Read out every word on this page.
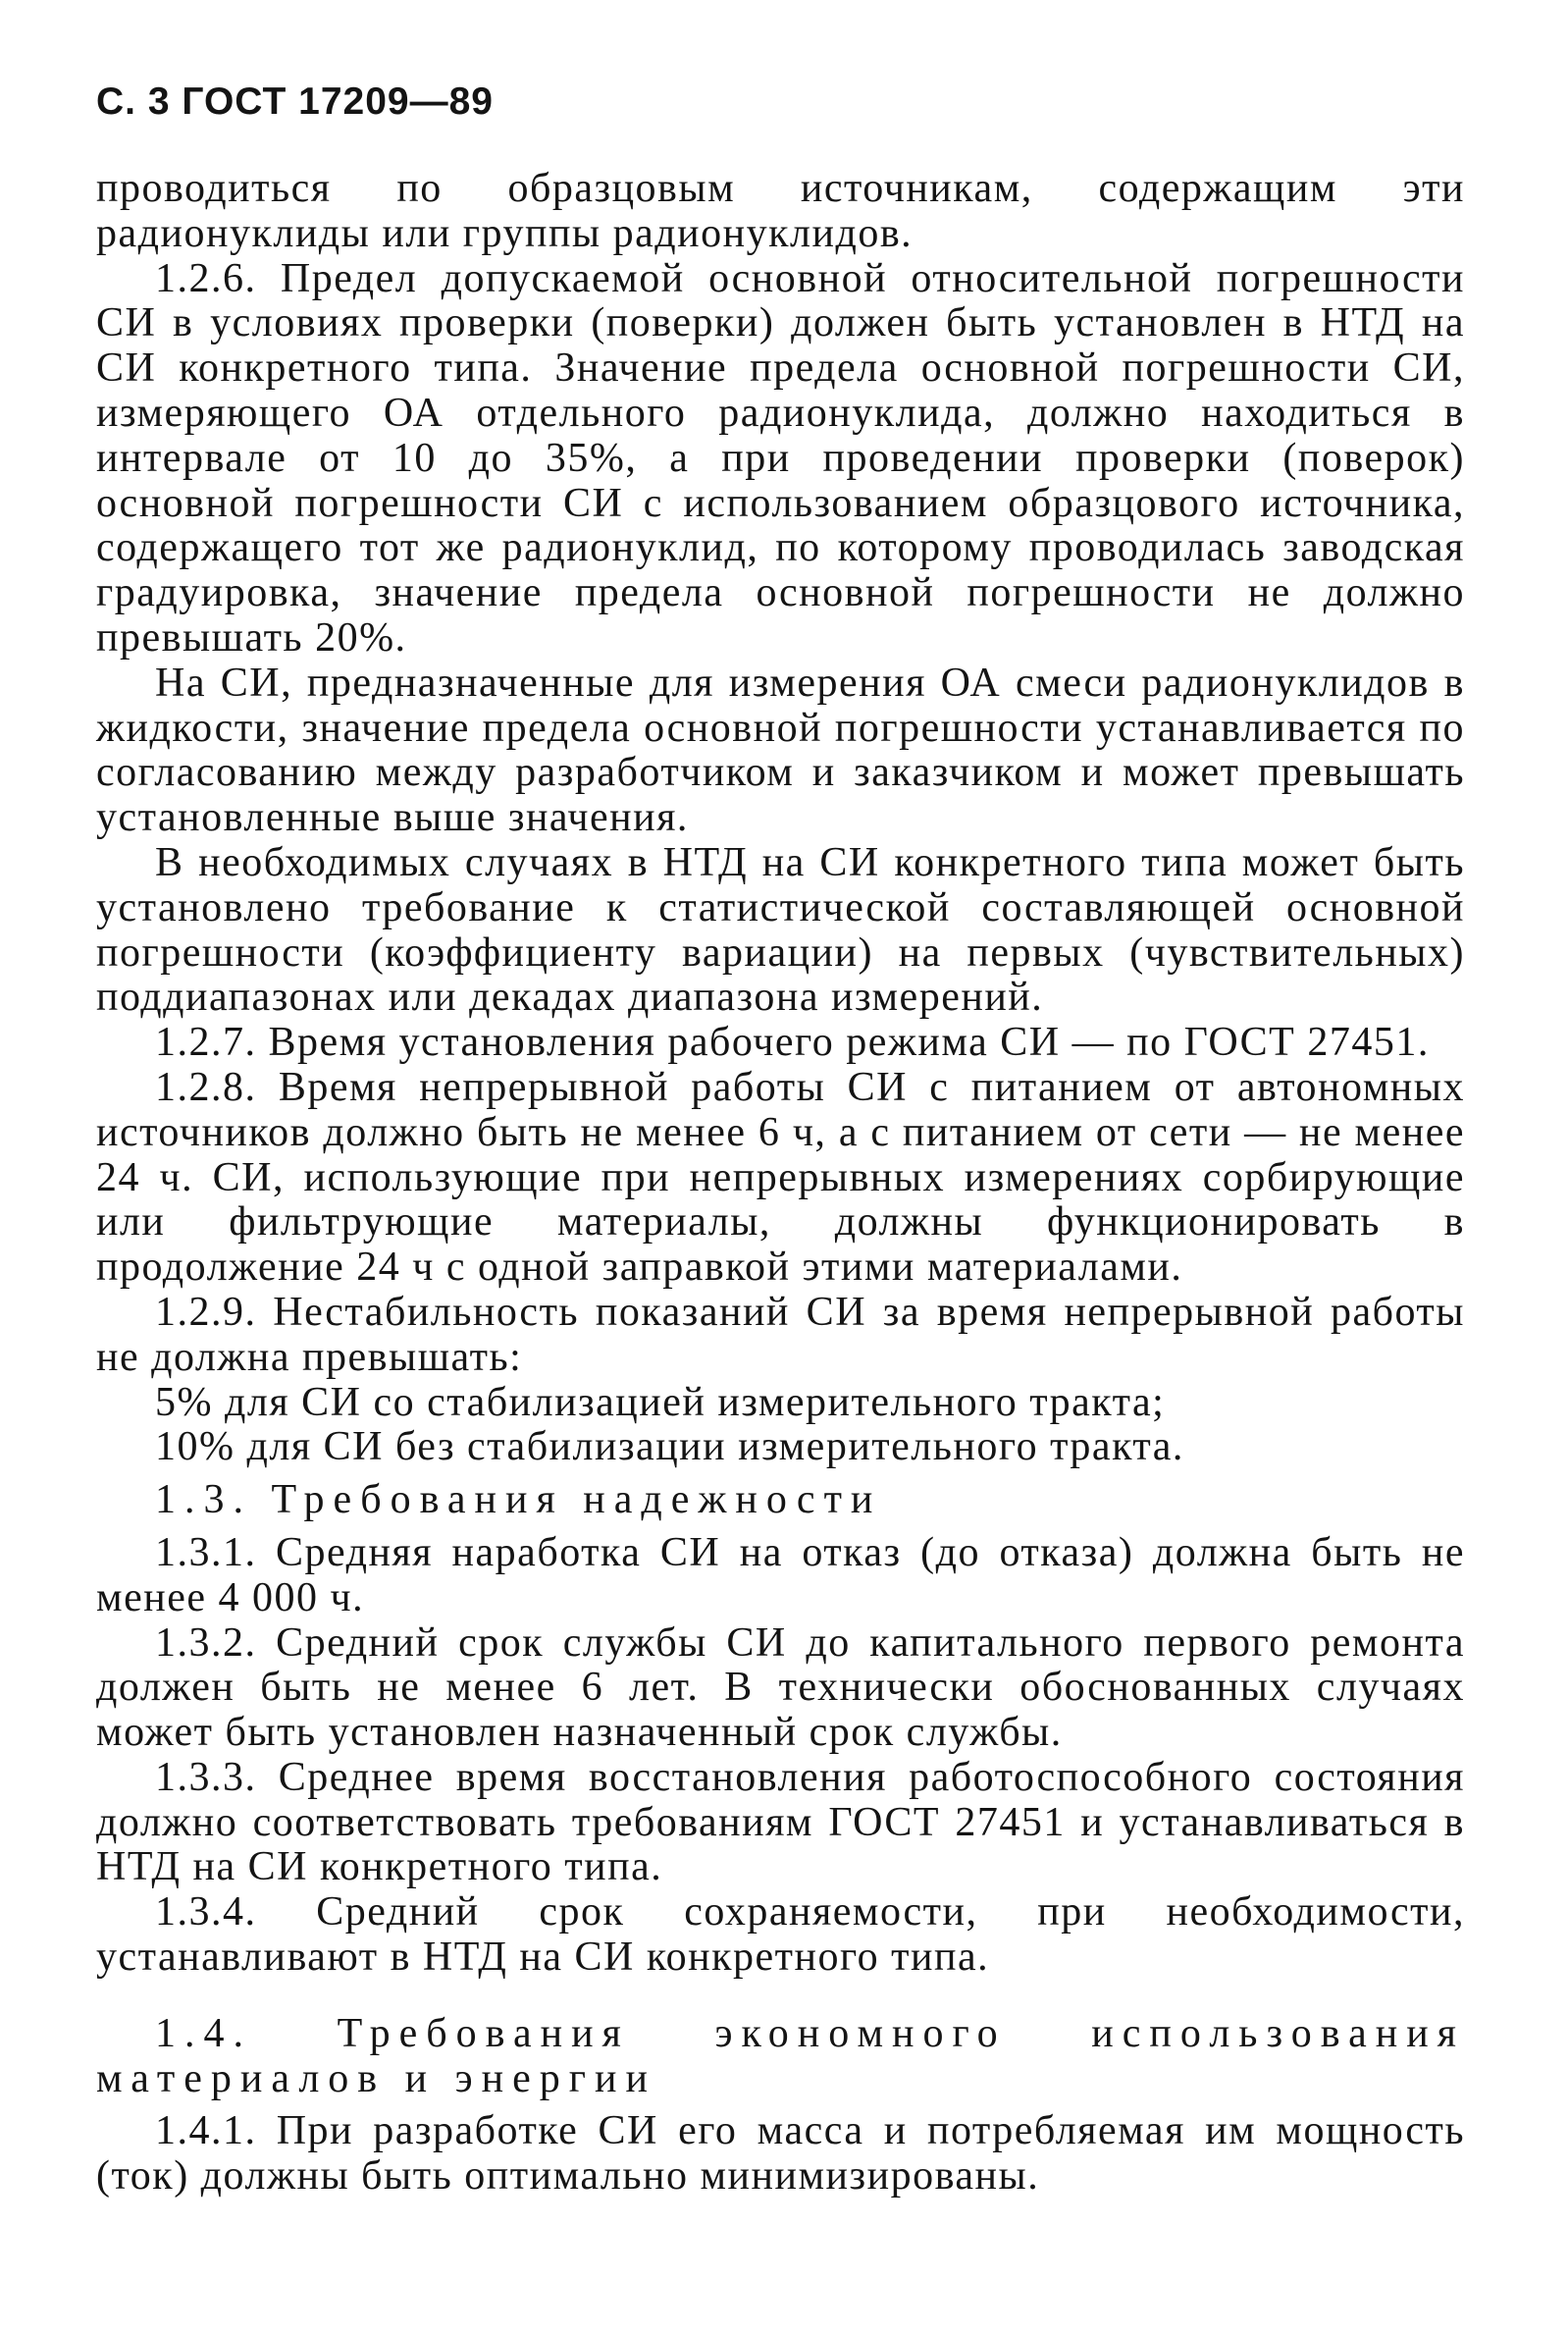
С. 3 ГОСТ 17209—89

проводиться по образцовым источникам, содержащим эти радионуклиды или группы радионуклидов.

1.2.6. Предел допускаемой основной относительной погрешности СИ в условиях проверки (поверки) должен быть установлен в НТД на СИ конкретного типа. Значение предела основной погрешности СИ, измеряющего ОА отдельного радионуклида, должно находиться в интервале от 10 до 35%, а при проведении проверки (поверок) основной погрешности СИ с использованием образцового источника, содержащего тот же радионуклид, по которому проводилась заводская градуировка, значение предела основной погрешности не должно превышать 20%.

На СИ, предназначенные для измерения ОА смеси радионуклидов в жидкости, значение предела основной погрешности устанавливается по согласованию между разработчиком и заказчиком и может превышать установленные выше значения.

В необходимых случаях в НТД на СИ конкретного типа может быть установлено требование к статистической составляющей основной погрешности (коэффициенту вариации) на первых (чувствительных) поддиапазонах или декадах диапазона измерений.

1.2.7. Время установления рабочего режима СИ — по ГОСТ 27451.

1.2.8. Время непрерывной работы СИ с питанием от автономных источников должно быть не менее 6 ч, а с питанием от сети — не менее 24 ч. СИ, использующие при непрерывных измерениях сорбирующие или фильтрующие материалы, должны функционировать в продолжение 24 ч с одной заправкой этими материалами.

1.2.9. Нестабильность показаний СИ за время непрерывной работы не должна превышать:

5% для СИ со стабилизацией измерительного тракта;

10% для СИ без стабилизации измерительного тракта.

1.3. Требования надежности

1.3.1. Средняя наработка СИ на отказ (до отказа) должна быть не менее 4 000 ч.

1.3.2. Средний срок службы СИ до капитального первого ремонта должен быть не менее 6 лет. В технически обоснованных случаях может быть установлен назначенный срок службы.

1.3.3. Среднее время восстановления работоспособного состояния должно соответствовать требованиям ГОСТ 27451 и устанавливаться в НТД на СИ конкретного типа.

1.3.4. Средний срок сохраняемости, при необходимости, устанавливают в НТД на СИ конкретного типа.

1.4. Требования экономного использования материалов и энергии

1.4.1. При разработке СИ его масса и потребляемая им мощность (ток) должны быть оптимально минимизированы.
